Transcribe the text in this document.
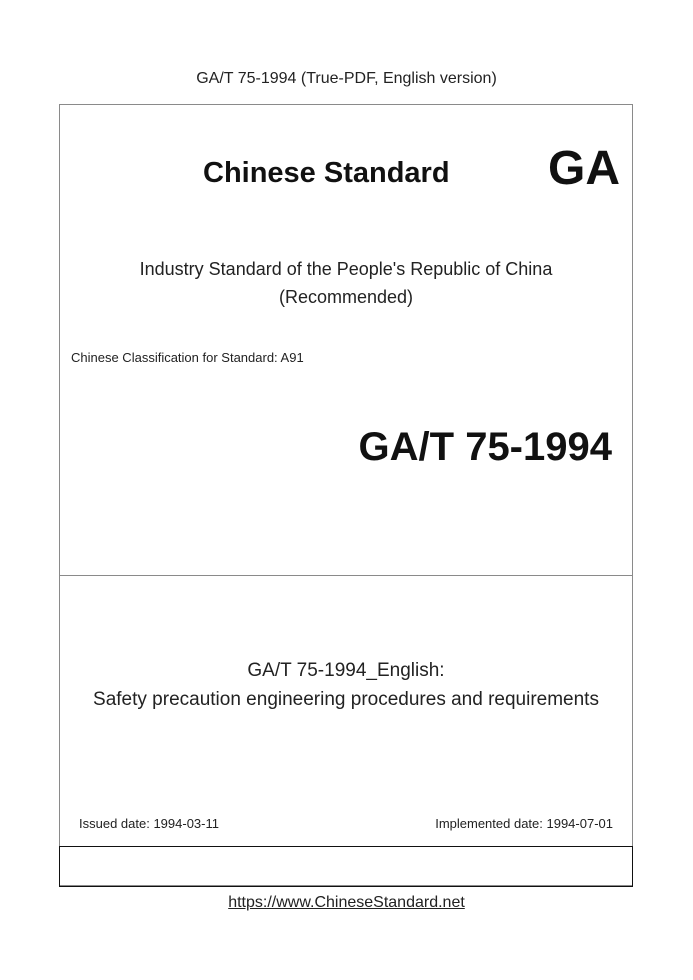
GA/T 75-1994 (True-PDF, English version)
Chinese Standard GA
Industry Standard of the People's Republic of China
(Recommended)
Chinese Classification for Standard: A91
GA/T 75-1994
GA/T 75-1994_English:
Safety precaution engineering procedures and requirements
Issued date: 1994-03-11	Implemented date: 1994-07-01
https://www.ChineseStandard.net
